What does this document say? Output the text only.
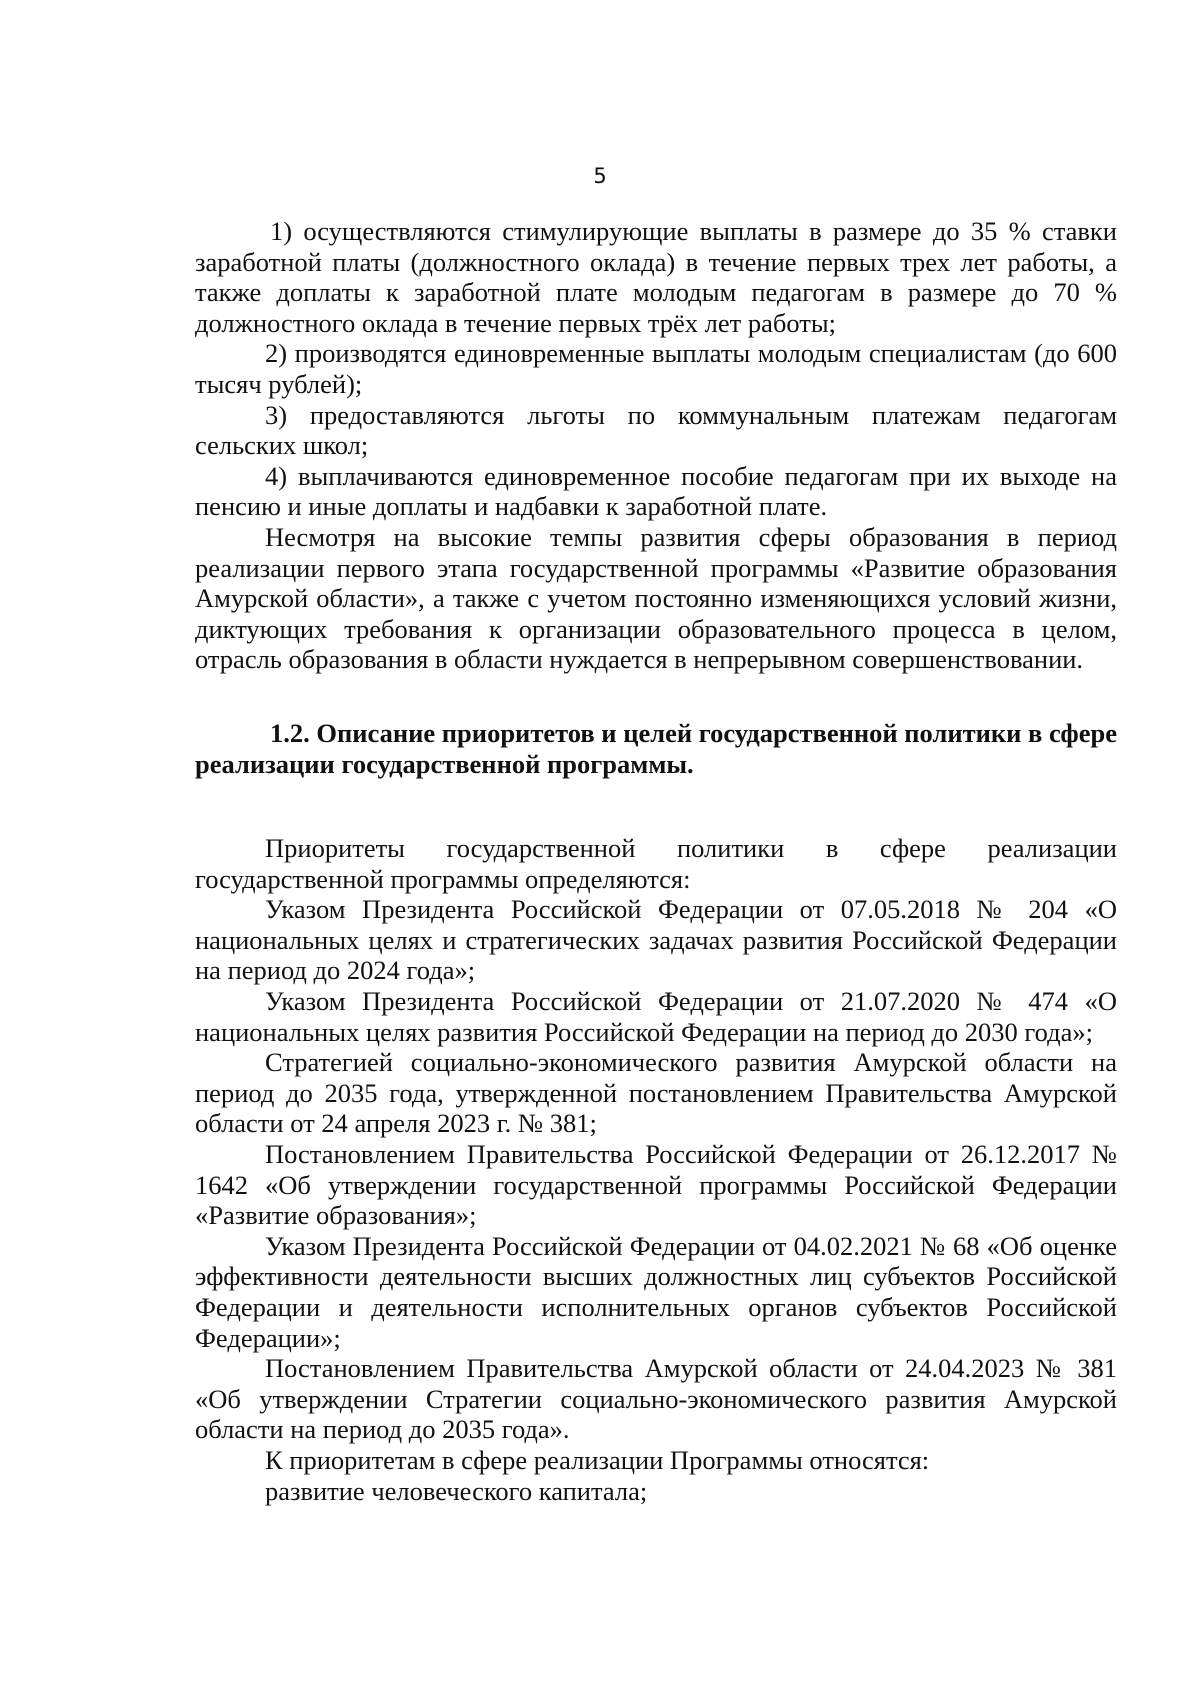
5

1) осуществляются стимулирующие выплаты в размере до 35 % ставки заработной платы (должностного оклада) в течение первых трех лет работы, а также доплаты к заработной плате молодым педагогам в размере до 70 % должностного оклада в течение первых трёх лет работы;

2) производятся единовременные выплаты молодым специалистам (до 600 тысяч рублей);

3) предоставляются льготы по коммунальным платежам педагогам сельских школ;

4) выплачиваются единовременное пособие педагогам при их выходе на пенсию и иные доплаты и надбавки к заработной плате.

Несмотря на высокие темпы развития сферы образования в период реализации первого этапа государственной программы «Развитие образования Амурской области», а также с учетом постоянно изменяющихся условий жизни, диктующих требования к организации образовательного процесса в целом, отрасль образования в области нуждается в непрерывном совершенствовании.

1.2. Описание приоритетов и целей государственной политики в сфере реализации государственной программы.

Приоритеты государственной политики в сфере реализации государственной программы определяются:

Указом Президента Российской Федерации от 07.05.2018 № 204 «О национальных целях и стратегических задачах развития Российской Федерации на период до 2024 года»;

Указом Президента Российской Федерации от 21.07.2020 № 474 «О национальных целях развития Российской Федерации на период до 2030 года»;

Стратегией социально-экономического развития Амурской области на период до 2035 года, утвержденной постановлением Правительства Амурской области от 24 апреля 2023 г. № 381;

Постановлением Правительства Российской Федерации от 26.12.2017 № 1642 «Об утверждении государственной программы Российской Федерации «Развитие образования»;

Указом Президента Российской Федерации от 04.02.2021 № 68 «Об оценке эффективности деятельности высших должностных лиц субъектов Российской Федерации и деятельности исполнительных органов субъектов Российской Федерации»;

Постановлением Правительства Амурской области от 24.04.2023 № 381 «Об утверждении Стратегии социально-экономического развития Амурской области на период до 2035 года».

К приоритетам в сфере реализации Программы относятся:

развитие человеческого капитала;
